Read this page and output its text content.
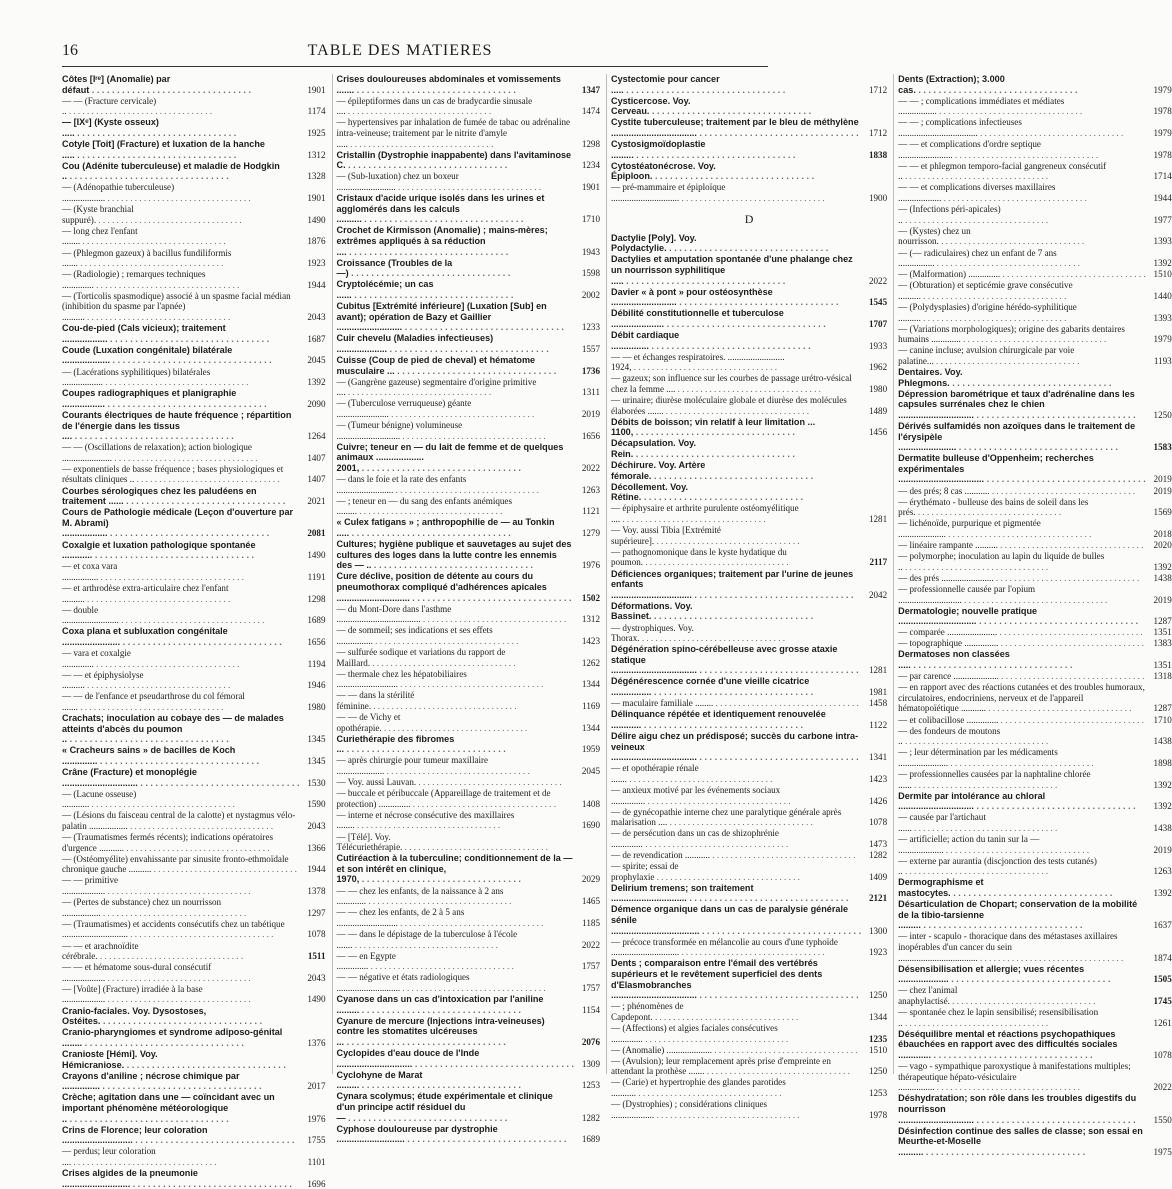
16	TABLE DES MATIERES
Côtes [Iʳᵉ] (Anomalie) par défaut . . .	1901
— — (Fracture cervicale) .. . . .	1174
— [IXᵉ] (Kyste osseux) ..... . . .	1925
Cotyle [Toit] (Fracture) et luxation de la hanche ..... . . .	1312
Cou (Adénite tuberculeuse) et maladie de Hodgkin .. . . .	1328
— (Adénopathie tuberculeuse) ................... . . .	1901
— (Kyste branchial suppuré). . . .	1490
— long chez l'enfant ........ . . .	1876
— (Phlegmon gazeux) à bacillus fundiliformis ....... . . .	1923
— (Radiologie) ; remarques techniques .............. . . .	1944
— (Torticolis spasmodique) associé à un spasme facial médian (inhibition du spasme par l'apnée) .......... . . .	2043
Cou-de-pied (Cals vicieux); traitement .................. . . .	1687
Coude (Luxation congénitale) bilatérale ................... . . .	2045
— (Lacérations syphilitiques) bilatérales .................. . . .	1392
Coupes radiographiques et planigraphie ................. . . .	2090
Courants électriques de haute fréquence ; répartition de l'énergie dans les tissus .... . . .	1264
— — (Oscillations de relaxation); action biologique ...................... . . .	1407
— exponentiels de basse fréquence ; bases physiologiques et résultats cliniques .. . . .	1407
Courbes sérologiques chez les paludéens en traitement ...... . . .	2021
Cours de Pathologie médicale (Leçon d'ouverture par M. Abrami) .................. . . .	2081
Coxalgie et luxation pathologique spontanée ............ . . .	1490
— et coxa vara ................ . . .	1191
— et arthrodèse extra-articulaire chez l'enfant .......... . . .	1298
— double ......................... . . .	1689
Coxa plana et subluxation congénitale ....................... . . .	1656
— vara et coxalgie .............. . . .	1194
— — et épiphysiolyse .......... . . .	1946
— — de l'enfance et pseudarthrose du col fémoral ....... . . .	1980
Crachats; inoculation au cobaye des — de malades atteints d'abcès du poumon .. . . .	1345
« Cracheurs sains » de bacilles de Koch .............. . . .	1345
Crâne (Fracture) et monoplégie .............................. . . .	1530
— (Lacune osseuse) ............ . . .	1590
— (Lésions du faisceau central de la calotte) et nystagmus vélo-palatin ................. . . .	2043
— (Traumatismes fermés récents); indications opératoires d'urgence ........... . . .	1366
— (Ostéomyélite) envahissante par sinusite fronto-ethmoïdale chronique gauche .......... . . .	1944
— — primitive ................... . . .	1378
— (Pertes de substance) chez un nourrisson ................. . . .	1297
— (Traumatismes) et accidents consécutifs chez un tabétique ............................. . . .	1078
— — et arachnoïdite cérébrale. . . .	1511
— — et hématome sous-dural consécutif ................... . . .	2043
— [Voûte] (Fracture) irradiée à la base ................... . . .	1490
Cranio-faciales. Voy. Dysostoses, Ostéites. . . .
Cranio-pharyngiomes et syndrome adiposo-génital ........ . . .	1376
Cranioste [Hémi]. Voy. Hémicraniose. . . .
Crayons d'aniline ; nécrose chimique par ............... . . .	2017
Crèche; agitation dans une — coïncidant avec un important phénomène météorologique .. . . .	1976
Crins de Florence; leur coloration ............................ . . .	1755
— perdus; leur coloration .... . . .	1101
Crises algides de la pneumonie ........................... . . .	1696
Crises douloureuses abdominales et vomissements ....... . . .	1347
— épileptiformes dans un cas de bradycardie sinusale .... . . .	1474
— hypertensives par inhalation de fumée de tabac ou adrénaline intra-veineuse; traitement par le nitrite d'amyle ..... . . .	1298
Cristallin (Dystrophie inappabente) dans l'avitaminose C. . . .	1234
— (Sub-luxation) chez un boxeur .......................... . . .	1901
Cristaux d'acide urique isolés dans les urines et agglomérés dans les calculs .......... . . .	1710
Crochet de Kirmisson (Anomalie) ; mains-mères; extrêmes appliqués à sa réduction .... . . .	1943
Croissance (Troubles de la —) . . .	1598
Cryptolécémie; un cas ...... . . .	2002
Cubitus [Extrémité inférieure] (Luxation [Sub] en avant); opération de Bazy et Gaillier .......................... . . .	1233
Cuir chevelu (Maladies infectieuses) .................... . . .	1557
Cuisse (Coup de pied de cheval) et hématome musculaire ... . . .	1736
— (Gangrène gazeuse) segmentaire d'origine primitive .... . . .	1311
— (Tuberculose verruqueuse) géante ....................... . . .	2019
— (Tumeur bénigne) volumineuse ............................ . . .	1656
Cuivre; teneur en — du lait de femme et de quelques animaux ................... 2001, . . .	2022
— dans le foie et la rate des enfants ......................... . . .	1263
— ; teneur en — du sang des enfants anémiques ......... . . .	1121
« Culex fatigans » ; anthropophilie de — au Tonkin ..... . . .	1279
Cultures; hygiène publique et sauvetages au sujet des cultures des loges dans la lutte contre les ennemis des — .. . . .	1976
Cure déclive, position de détente au cours du pneumothorax compliqué d'adhérences apicales ............................. . . .	1502
— du Mont-Dore dans l'asthme ..................................... . . .	1312
— de sommeil; ses indications et ses effets ................ . . .	1423
— sulfurée sodique et variations du rapport de Maillard. . . .	1262
— thermale chez les hépatobiliaires ........................... . . .	1344
— — dans la stérilité féminine. . . .	1169
— — de Vichy et opothérapie. . . .	1344
Curiethérapie des fibromes ... . . .	1959
— après chirurgie pour tumeur maxillaire ..................... . . .	2045
— Voy. aussi Lauvan. . . .
— buccale et péribuccale (Appareillage de traitement et de protection) .............. . . .	1408
— interne et nécrose consécutive des maxillaires ........ . . .	1690
— [Télé]. Voy. Télécuriethérapie. . . .
Cutiréaction à la tuberculine; conditionnement de la — et son intérêt en clinique, 1970, . . .	2029
— — chez les enfants, de la naissance à 2 ans ............. . . .	1465
— — chez les enfants, de 2 à 5 ans ........................... . . .	1185
— — dans le dépistage de la tuberculose à l'école ....... . . .	2022
— — en Egypte .............. . . .	1757
— — négative et états radiologiques ............................ . . .	1757
Cyanose dans un cas d'intoxication par l'aniline ......... . . .	1154
Cyanure de mercure (Injections intra-veineuses) contre les stomatites ulcéreuses ... . . .	2076
Cyclopides d'eau douce de l'Inde .............................. . . .	1309
Cyclohyne de Marat ......... . . .	1253
Cynara scolymus; étude expérimentale et clinique d'un principe actif résiduel du — . . .	1282
Cyphose douloureuse par dystrophie ........................... . . .	1689
Cystectomie pour cancer ..... . . .	1712
Cysticercose. Voy. Cerveau. . . .
Cystite tuberculeuse; traitement par le bleu de méthylène .................................. . . .	1712
Cystosigmoïdoplastie ......... . . .	1838
Cytostéatonécrose. Voy. Épiploon. . . .
— pré-mammaire et épiploïque .............................. . . .	1900
D
Dactylie [Poly]. Voy. Polydactylie. . . .
Dactylies et amputation spontanée d'une phalange chez un nourrisson syphilitique ..... . . .	2022
Davier « à pont » pour ostéosynthèse .......................... . . .	1545
Débilité constitutionnelle et tuberculose ..................... . . .	1707
Débit cardiaque ............... . . .	1933
— — et échanges respiratoires. ......................... 1924, . . .	1962
— gazeux; son influence sur les courbes de passage urétro-vésical chez la femme .... . . .	1980
— urinaire; diurèse moléculaire globale et diurèse des molécules élaborées ....... . . .	1489
Débits de boisson; vin relatif à leur limitation ... 1100, . . .	1456
Décapsulation. Voy. Rein. . . .
Déchirure. Voy. Artère fémorale. . . .
Décollement. Voy. Rétine. . . .
— épiphysaire et arthrite purulente ostéomyélitique .... . . .	1281
— Voy. aussi Tibia [Extrémité supérieure]. . . .
— pathognomonique dans le kyste hydatique du poumon. . . .	2117
Déficiences organiques; traitement par l'urine de jeunes enfants ................................ . . .	2042
Déformations. Voy. Bassinet. . . .
— dystrophiques. Voy. Thorax. . . .
Dégénération spino-cérébelleuse avec grosse ataxie statique .................................. . . .	1281
Dégénérescence cornée d'une vieille cicatrice ................ . . .	1981
— maculaire familiale ........ . . .	1458
Délinquance répétée et identiquement renouvelée ............ . . .	1122
Délire aigu chez un prédisposé; succès du carbone intra-veineux .................................. . . .	1341
— et opothérapie rénale ....... . . .	1423
— anxieux motivé par les événements sociaux ............... . . .	1426
— de gynécopathie interne chez une paralytique générale après malarisation .... . . .	1078
— de persécution dans un cas de shizophrénie .............. . . .	1473
— de revendication ........... . . .	1282
— spirite; essai de prophylaxie . . .	1409
Delirium tremens; son traitement .............................. . . .	2121
Démence organique dans un cas de paralysie générale sénile ................................... . . .	1300
— précoce transformée en mélancolie au cours d'une typhoïde .............................. . . .	1923
Dents ; comparaison entre l'émail des vertébrés supérieurs et le revêtement superficiel des dents d'Elasmobranches .................................. . . .	1250
— ; phénomènes de Capdepont. . . .	1344
— (Affections) et algies faciales consécutives .............. . . .	1235
— (Anomalie) .................... . . .	1510
— (Avulsion); leur remplacement après prise d'empreinte en attendant la prothèse ....... . . .	1250
— (Carie) et hypertrophie des glandes parotides ........... . . .	1253
— (Dystrophies) ; considérations cliniques ................... . . .	1978
Dents (Extraction); 3.000 cas. . . .	1979
— — ; complications immédiates et médiates ................. . . .	1978
— — ; complications infectieuses ................................... . . .	1979
— — et complications d'ordre septique ........................ . . .	1978
— — et phlegmon temporo-facial gangreneux consécutif .. . . .	1714
— — et complications diverses maxillaires ................... . . .	1944
— (Infections péri-apicales) .. . . .	1977
— (Kystes) chez un nourrisson. . . .	1393
— (— radiculaires) chez un enfant de 7 ans ................ . . .	1392
— (Malformation) .............. . . .	1510
— (Obturation) et septicémie grave consécutive .......... . . .	1440
— (Polydysplasies) d'origine hérédo-syphilitique .......... . . .	1393
— (Variations morphologiques); origine des gabarits dentaires humains ............. . . .	1979
— canine incluse; avulsion chirurgicale par voie palatine... . . .	1193
Dentaires. Voy. Phlegmons. . . .
Dépression barométrique et taux d'adrénaline dans les capsules surrénales chez le chien .............................. . . .	1250
Dérivés sulfamidés non azoïques dans le traitement de l'érysipèle ....................... . . .	1583
Dermatite bulleuse d'Oppenheim; recherches expérimentales .................................. . . .	2019
— des prés; 8 cas ........... . . .	2019
— érythémato - bulleuse des bains de soleil dans les prés. . . .	1569
— lichénoïde, purpurique et pigmentée ..................... . . .	2018
— linéaire rampante .......... . . .	2020
— polymorphe; inoculation au lapin du liquide de bulles .. . . .	1392
— des prés ....................... . . .	1438
— professionnelle causée par l'opium ............................ . . .	2019
Dermatologie; nouvelle pratique ............................... . . .	1287
— comparée ...................... . . .	1351
— topographique ............... . . .	1383
Dermatoses non classées ..... . . .	1351
— par carence .................... . . .	1318
— en rapport avec des réactions cutanées et des troubles humoraux, circulatoires, endocriniens, nerveux et de l'appareil hématopoïétique ........... . . .	1287
— et colibacillose .............. . . .	1710
— des fondeurs de moutons .. . . .	1438
— ; leur détermination par les médicaments ...................... . . .	1898
— professionnelles causées par la naphtaline chlorée ...... . . .	1392
Dermite par intolérance au chloral .............................. . . .	1392
— causée par l'artichaut ...... . . .	1438
— artificielle; action du tanin sur la — .................... . . .	2019
— externe par aurantia (discjonction des tests cutanés) .. . . .	1263
Dermographisme et mastocytes. . . .	1392
Désarticulation de Chopart; conservation de la mobilité de la tibio-tarsienne ......... . . .	1637
— inter - scapulo - thoracique dans des métastases axillaires inopérables d'un cancer du sein ................................... . . .	1874
Désensibilisation et allergie; vues récentes .................... . . .	1505
— chez l'animal anaphylactisé. . . .	1745
— spontanée chez le lapin sensibilisé; resensibilisation .. . . .	1261
Déséquilibre mental et réactions psychopathiques ébauchées en rapport avec des difficultés sociales ............. . . .	1078
— vago - sympathique paroxystique à manifestations multiples; thérapeutique hépato-vésiculaire ................ . . .	2022
Déshydratation; son rôle dans les troubles digestifs du nourrisson .............................. . . .	1550
Désinfection continue des salles de classe; son essai en Meurthe-et-Moselle .......... . . .	1975
